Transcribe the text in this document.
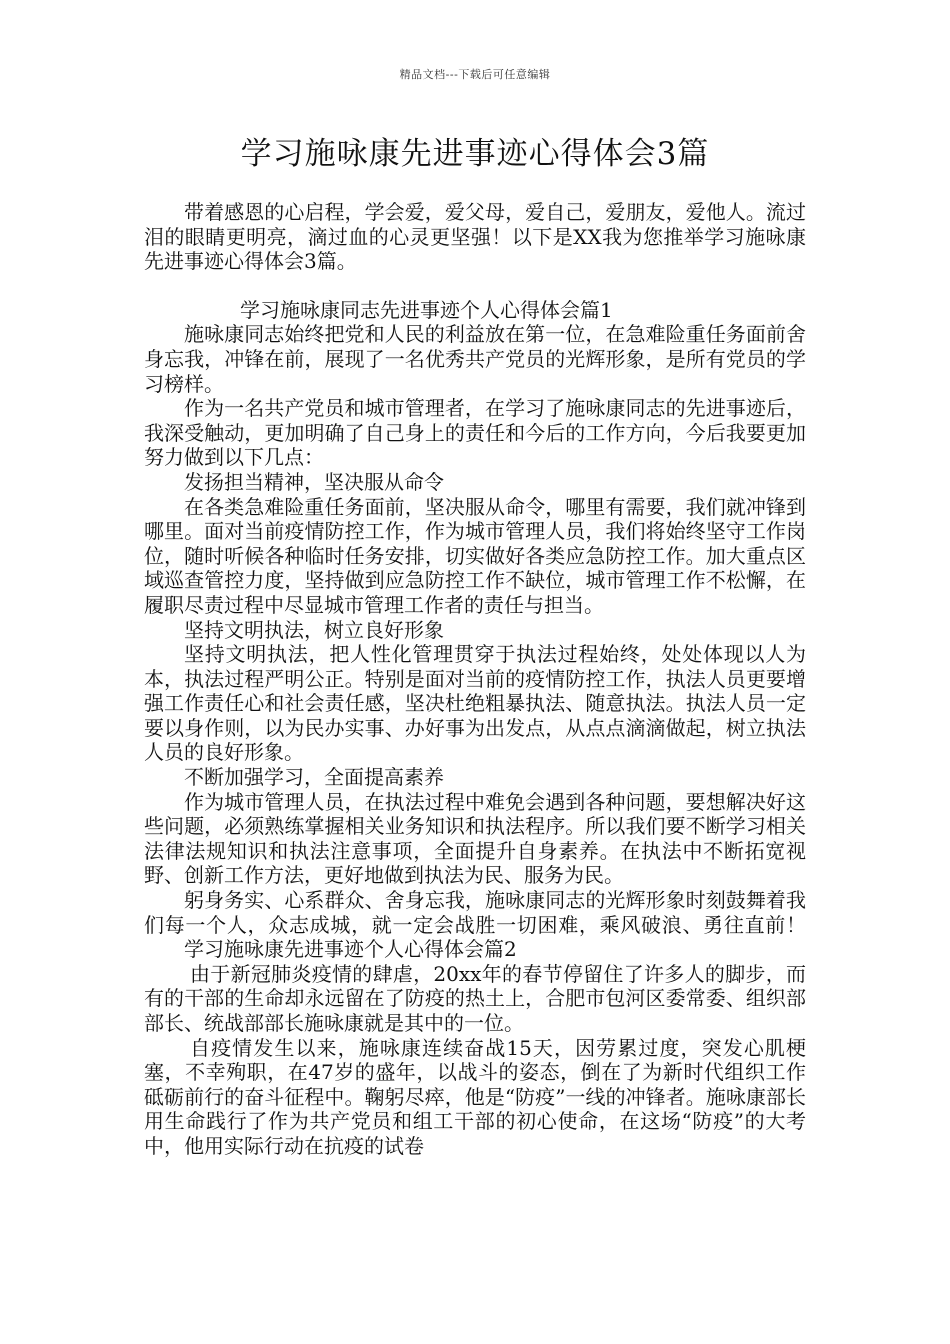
精品文档---下载后可任意编辑
学习施咏康先进事迹心得体会3篇

带着感恩的心启程，学会爱，爱父母，爱自己，爱朋友，爱他人。流过泪的眼睛更明亮，滴过血的心灵更坚强！以下是XX我为您推举学习施咏康先进事迹心得体会3篇。

学习施咏康同志先进事迹个人心得体会篇1

施咏康同志始终把党和人民的利益放在第一位，在急难险重任务面前舍身忘我，冲锋在前，展现了一名优秀共产党员的光辉形象，是所有党员的学习榜样。

作为一名共产党员和城市管理者，在学习了施咏康同志的先进事迹后，我深受触动，更加明确了自己身上的责任和今后的工作方向，今后我要更加努力做到以下几点：

发扬担当精神，坚决服从命令

在各类急难险重任务面前，坚决服从命令，哪里有需要，我们就冲锋到哪里。面对当前疫情防控工作，作为城市管理人员，我们将始终坚守工作岗位，随时听候各种临时任务安排，切实做好各类应急防控工作。加大重点区域巡查管控力度，坚持做到应急防控工作不缺位，城市管理工作不松懈，在履职尽责过程中尽显城市管理工作者的责任与担当。

坚持文明执法，树立良好形象

坚持文明执法，把人性化管理贯穿于执法过程始终，处处体现以人为本，执法过程严明公正。特别是面对当前的疫情防控工作，执法人员更要增强工作责任心和社会责任感，坚决杜绝粗暴执法、随意执法。执法人员一定要以身作则，以为民办实事、办好事为出发点，从点点滴滴做起，树立执法人员的良好形象。

不断加强学习，全面提高素养

作为城市管理人员，在执法过程中难免会遇到各种问题，要想解决好这些问题，必须熟练掌握相关业务知识和执法程序。所以我们要不断学习相关法律法规知识和执法注意事项，全面提升自身素养。在执法中不断拓宽视野、创新工作方法，更好地做到执法为民、服务为民。

躬身务实、心系群众、舍身忘我，施咏康同志的光辉形象时刻鼓舞着我们每一个人，众志成城，就一定会战胜一切困难，乘风破浪、勇往直前！学习施咏康先进事迹个人心得体会篇2

由于新冠肺炎疫情的肆虐，20xx年的春节停留住了许多人的脚步，而有的干部的生命却永远留在了防疫的热土上，合肥市包河区委常委、组织部部长、统战部部长施咏康就是其中的一位。

自疫情发生以来，施咏康连续奋战15天，因劳累过度，突发心肌梗塞，不幸殉职，在47岁的盛年，以战斗的姿态，倒在了为新时代组织工作砥砺前行的奋斗征程中。鞠躬尽瘁，他是“防疫”一线的冲锋者。施咏康部长用生命践行了作为共产党员和组工干部的初心使命，在这场“防疫”的大考中，他用实际行动在抗疫的试卷
